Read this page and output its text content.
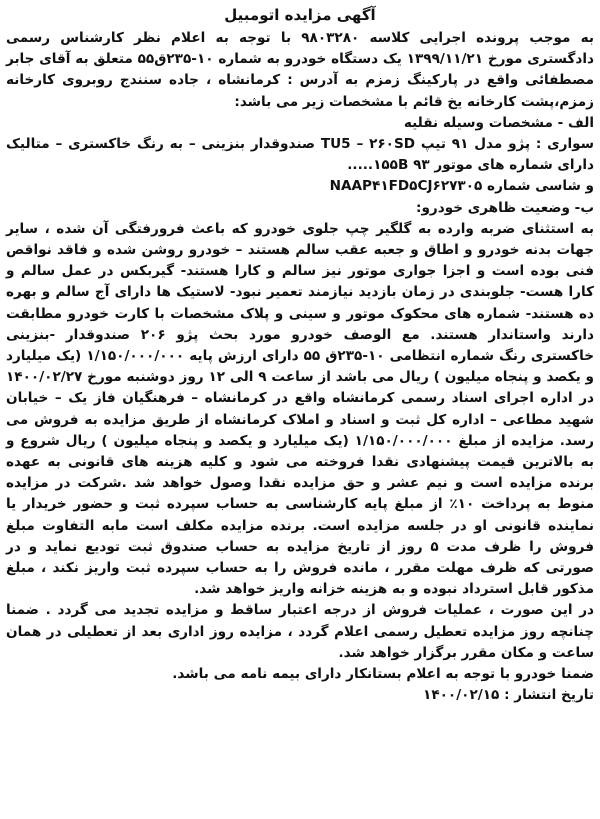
آگهی مزایده اتومبیل

به موجب پرونده اجرایی کلاسه ۹۸۰۳۲۸۰ با توجه به اعلام نظر کارشناس رسمی دادگستری مورخ ۱۳۹۹/۱۱/۲۱ یک دستگاه خودرو به شماره ۱۰-۲۳۵ق۵۵ متعلق به آقای جابر مصطفائی واقع در پارکینگ زمزم به آدرس : کرمانشاه ، جاده سنندج روبروی کارخانه زمزم،پشت کارخانه یخ قائم با مشخصات زیر می باشد:

الف - مشخصات وسیله نقلیه

سواری : پژو مدل ۹۱ تیپ TU5 – ۲۶۰SD صندوقدار بنزینی – به رنگ خاکستری – متالیک دارای شماره های موتور ۱۵۵B ۹۳.....

و شاسی شماره NAAP۴۱FD۵CJ۶۲۷۳۰۵

ب- وضعیت ظاهری خودرو:

به استثنای ضربه وارده به گلگیر چپ جلوی خودرو که باعث فرورفتگی آن شده ، سایر جهات بدنه خودرو و اطاق و جعبه عقب سالم هستند – خودرو روشن شده و فاقد نواقص فنی بوده است و اجزا جواری موتور نیز سالم و کارا هستند- گیربکس در عمل سالم و کارا هست- جلوبندی در زمان بازدید نیازمند تعمیر نبود- لاستیک ها دارای آج سالم و بهره ده هستند- شماره های محکوک موتور و سینی و پلاک مشخصات با کارت خودرو مطابقت دارند واستاندار هستند. مع الوصف خودرو مورد بحث پژو ۲۰۶ صندوقدار -بنزینی خاکستری رنگ شماره انتظامی ۱۰-۲۳۵ق ۵۵ دارای ارزش پایه ۱/۱۵۰/۰۰۰/۰۰۰ (یک میلیارد و یکصد و پنجاه میلیون ) ریال می باشد از ساعت ۹ الی ۱۲ روز دوشنبه مورخ ۱۴۰۰/۰۲/۲۷ در اداره اجرای اسناد رسمی کرمانشاه واقع در کرمانشاه – فرهنگیان فاز یک – خیابان شهید مطاعی – اداره کل ثبت و اسناد و املاک کرمانشاه از طریق مزایده به فروش می رسد. مزایده از مبلغ ۱/۱۵۰/۰۰۰/۰۰۰ (یک میلیارد و یکصد و پنجاه میلیون ) ریال شروع و به بالاترین قیمت پیشنهادی نقدا فروخته می شود و کلیه هزینه های قانونی به عهده برنده مزایده است و نیم عشر و حق مزایده نقدا وصول خواهد شد .شرکت در مزایده منوط به پرداخت ۱۰٪ از مبلغ پایه کارشناسی به حساب سپرده ثبت و حضور خریدار یا نماینده قانونی او در جلسه مزایده است. برنده مزایده مکلف است مابه التفاوت مبلغ فروش را ظرف مدت ۵ روز از تاریخ مزایده به حساب صندوق ثبت تودیع نماید و در صورتی که ظرف مهلت مقرر ، مانده فروش را به حساب سپرده ثبت واریز نکند ، مبلغ مذکور قابل استرداد نبوده و به هزینه خزانه واریز خواهد شد.

در این صورت ، عملیات فروش از درجه اعتبار ساقط و مزایده تجدید می گردد . ضمنا چنانچه روز مزایده تعطیل رسمی اعلام گردد ، مزایده روز اداری بعد از تعطیلی در همان ساعت و مکان مقرر برگزار خواهد شد.

ضمنا خودرو با توجه به اعلام بستانکار دارای بیمه نامه می باشد.

تاریخ انتشار : ۱۴۰۰/۰۲/۱۵
